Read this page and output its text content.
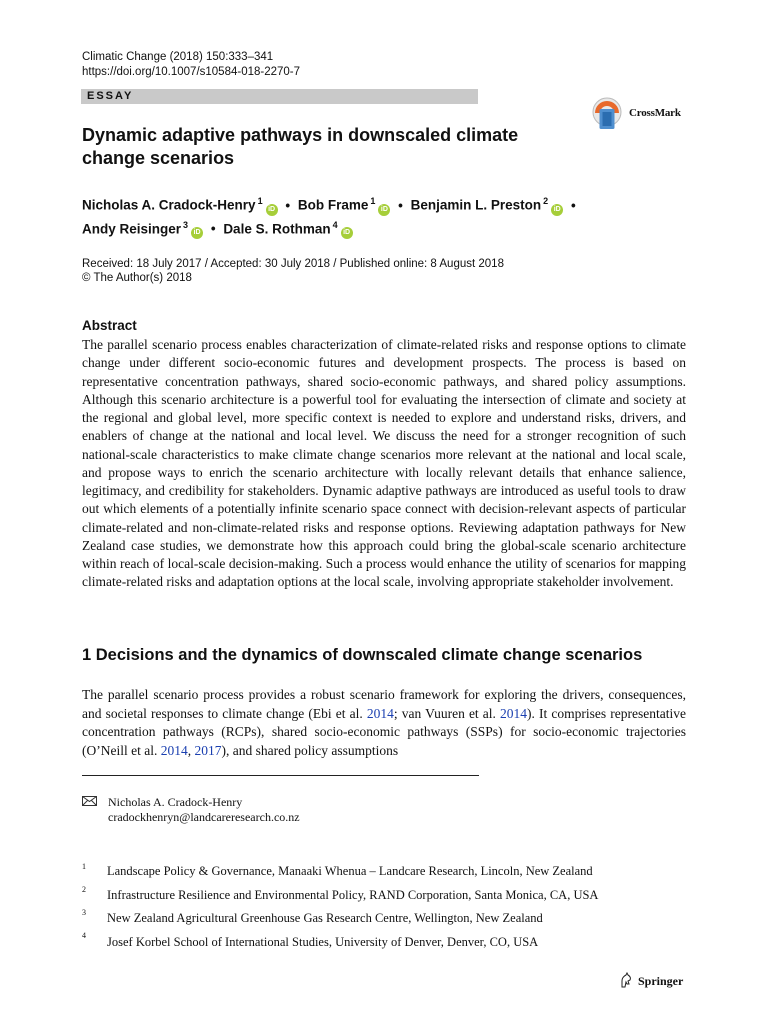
Climatic Change (2018) 150:333–341
https://doi.org/10.1007/s10584-018-2270-7
ESSAY
CrossMark
Dynamic adaptive pathways in downscaled climate
change scenarios
Nicholas A. Cradock-Henry $^1$iD • Bob Frame $^1$iD • Benjamin L. Preston $^2$iD •
Andy Reisinger $^3$iD • Dale S. Rothman $^4$iD
Received: 18 July 2017 / Accepted: 30 July 2018 / Published online: 8 August 2018
© The Author(s) 2018
Abstract
The parallel scenario process enables characterization of climate-related risks and response options to climate change under different socio-economic futures and development prospects. The process is based on representative concentration pathways, shared socio-economic pathways, and shared policy assumptions. Although this scenario architecture is a powerful tool for evaluating the intersection of climate and society at the regional and global level, more specific context is needed to explore and understand risks, drivers, and enablers of change at the national and local level. We discuss the need for a stronger recognition of such national-scale characteristics to make climate change scenarios more relevant at the national and local scale, and propose ways to enrich the scenario architecture with locally relevant details that enhance salience, legitimacy, and credibility for stakeholders. Dynamic adaptive pathways are introduced as useful tools to draw out which elements of a potentially infinite scenario space connect with decision-relevant aspects of particular climate-related and non-climate-related risks and response options. Reviewing adaptation pathways for New Zealand case studies, we demonstrate how this approach could bring the global-scale scenario architecture within reach of local-scale decision-making. Such a process would enhance the utility of scenarios for mapping climate-related risks and adaptation options at the local scale, involving appropriate stakeholder involvement.
1 Decisions and the dynamics of downscaled climate change scenarios
The parallel scenario process provides a robust scenario framework for exploring the drivers, consequences, and societal responses to climate change (Ebi et al. 2014; van Vuuren et al. 2014). It comprises representative concentration pathways (RCPs), shared socio-economic pathways (SSPs) for socio-economic trajectories (O’Neill et al. 2014, 2017), and shared policy assumptions
Nicholas A. Cradock-Henry
cradockhenryn@landcareresearch.co.nz
1 Landscape Policy & Governance, Manaaki Whenua – Landcare Research, Lincoln, New Zealand
2 Infrastructure Resilience and Environmental Policy, RAND Corporation, Santa Monica, CA, USA
3 New Zealand Agricultural Greenhouse Gas Research Centre, Wellington, New Zealand
4 Josef Korbel School of International Studies, University of Denver, Denver, CO, USA
Springer
